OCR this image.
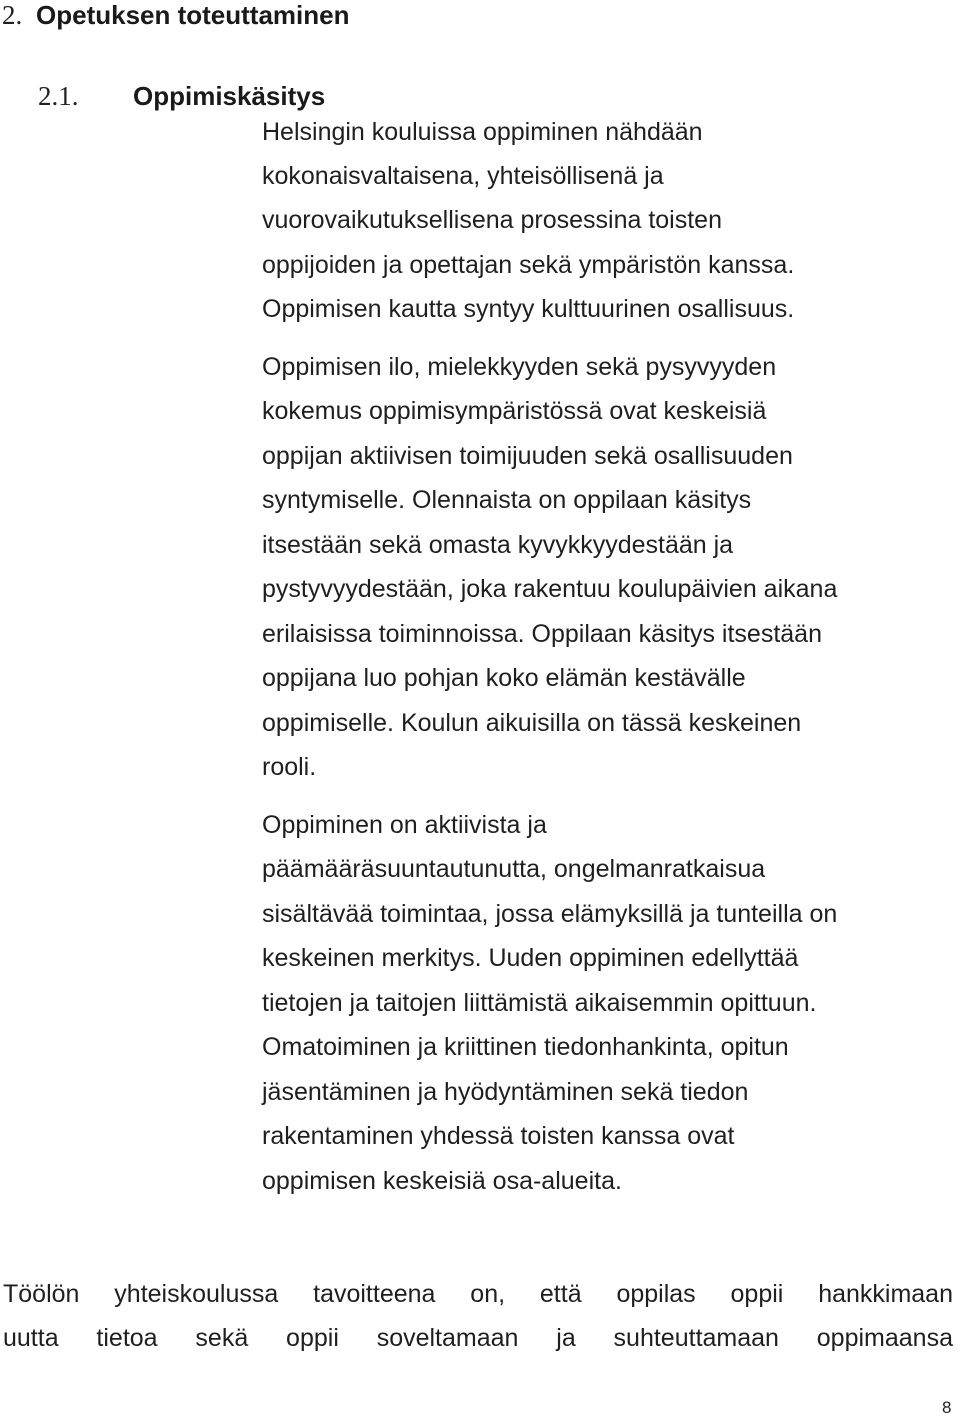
2. Opetuksen toteuttaminen
2.1. Oppimiskäsitys
Helsingin kouluissa oppiminen nähdään
kokonaisvaltaisena, yhteisöllisenä ja
vuorovaikutuksellisena prosessina toisten
oppijoiden ja opettajan sekä ympäristön kanssa.
Oppimisen kautta syntyy kulttuurinen osallisuus.
Oppimisen ilo, mielekkyyden sekä pysyvyyden
kokemus oppimisympäristössä ovat keskeisiä
oppijan aktiivisen toimijuuden sekä osallisuuden
syntymiselle. Olennaista on oppilaan käsitys
itsestään sekä omasta kyvykkyydestään ja
pystyvyydestään, joka rakentuu koulupäivien aikana
erilaisissa toiminnoissa. Oppilaan käsitys itsestään
oppijana luo pohjan koko elämän kestävälle
oppimiselle. Koulun aikuisilla on tässä keskeinen
rooli.
Oppiminen on aktiivista ja
päämääräsuuntautunutta, ongelmanratkaisua
sisältävää toimintaa, jossa elämyksillä ja tunteilla on
keskeinen merkitys. Uuden oppiminen edellyttää
tietojen ja taitojen liittämistä aikaisemmin opittuun.
Omatoiminen ja kriittinen tiedonhankinta, opitun
jäsentäminen ja hyödyntäminen sekä tiedon
rakentaminen yhdessä toisten kanssa ovat
oppimisen keskeisiä osa-alueita.
Töölön yhteiskoulussa tavoitteena on, että oppilas oppii hankkimaan
uutta tietoa sekä oppii soveltamaan ja suhteuttamaan oppimaansa
8
